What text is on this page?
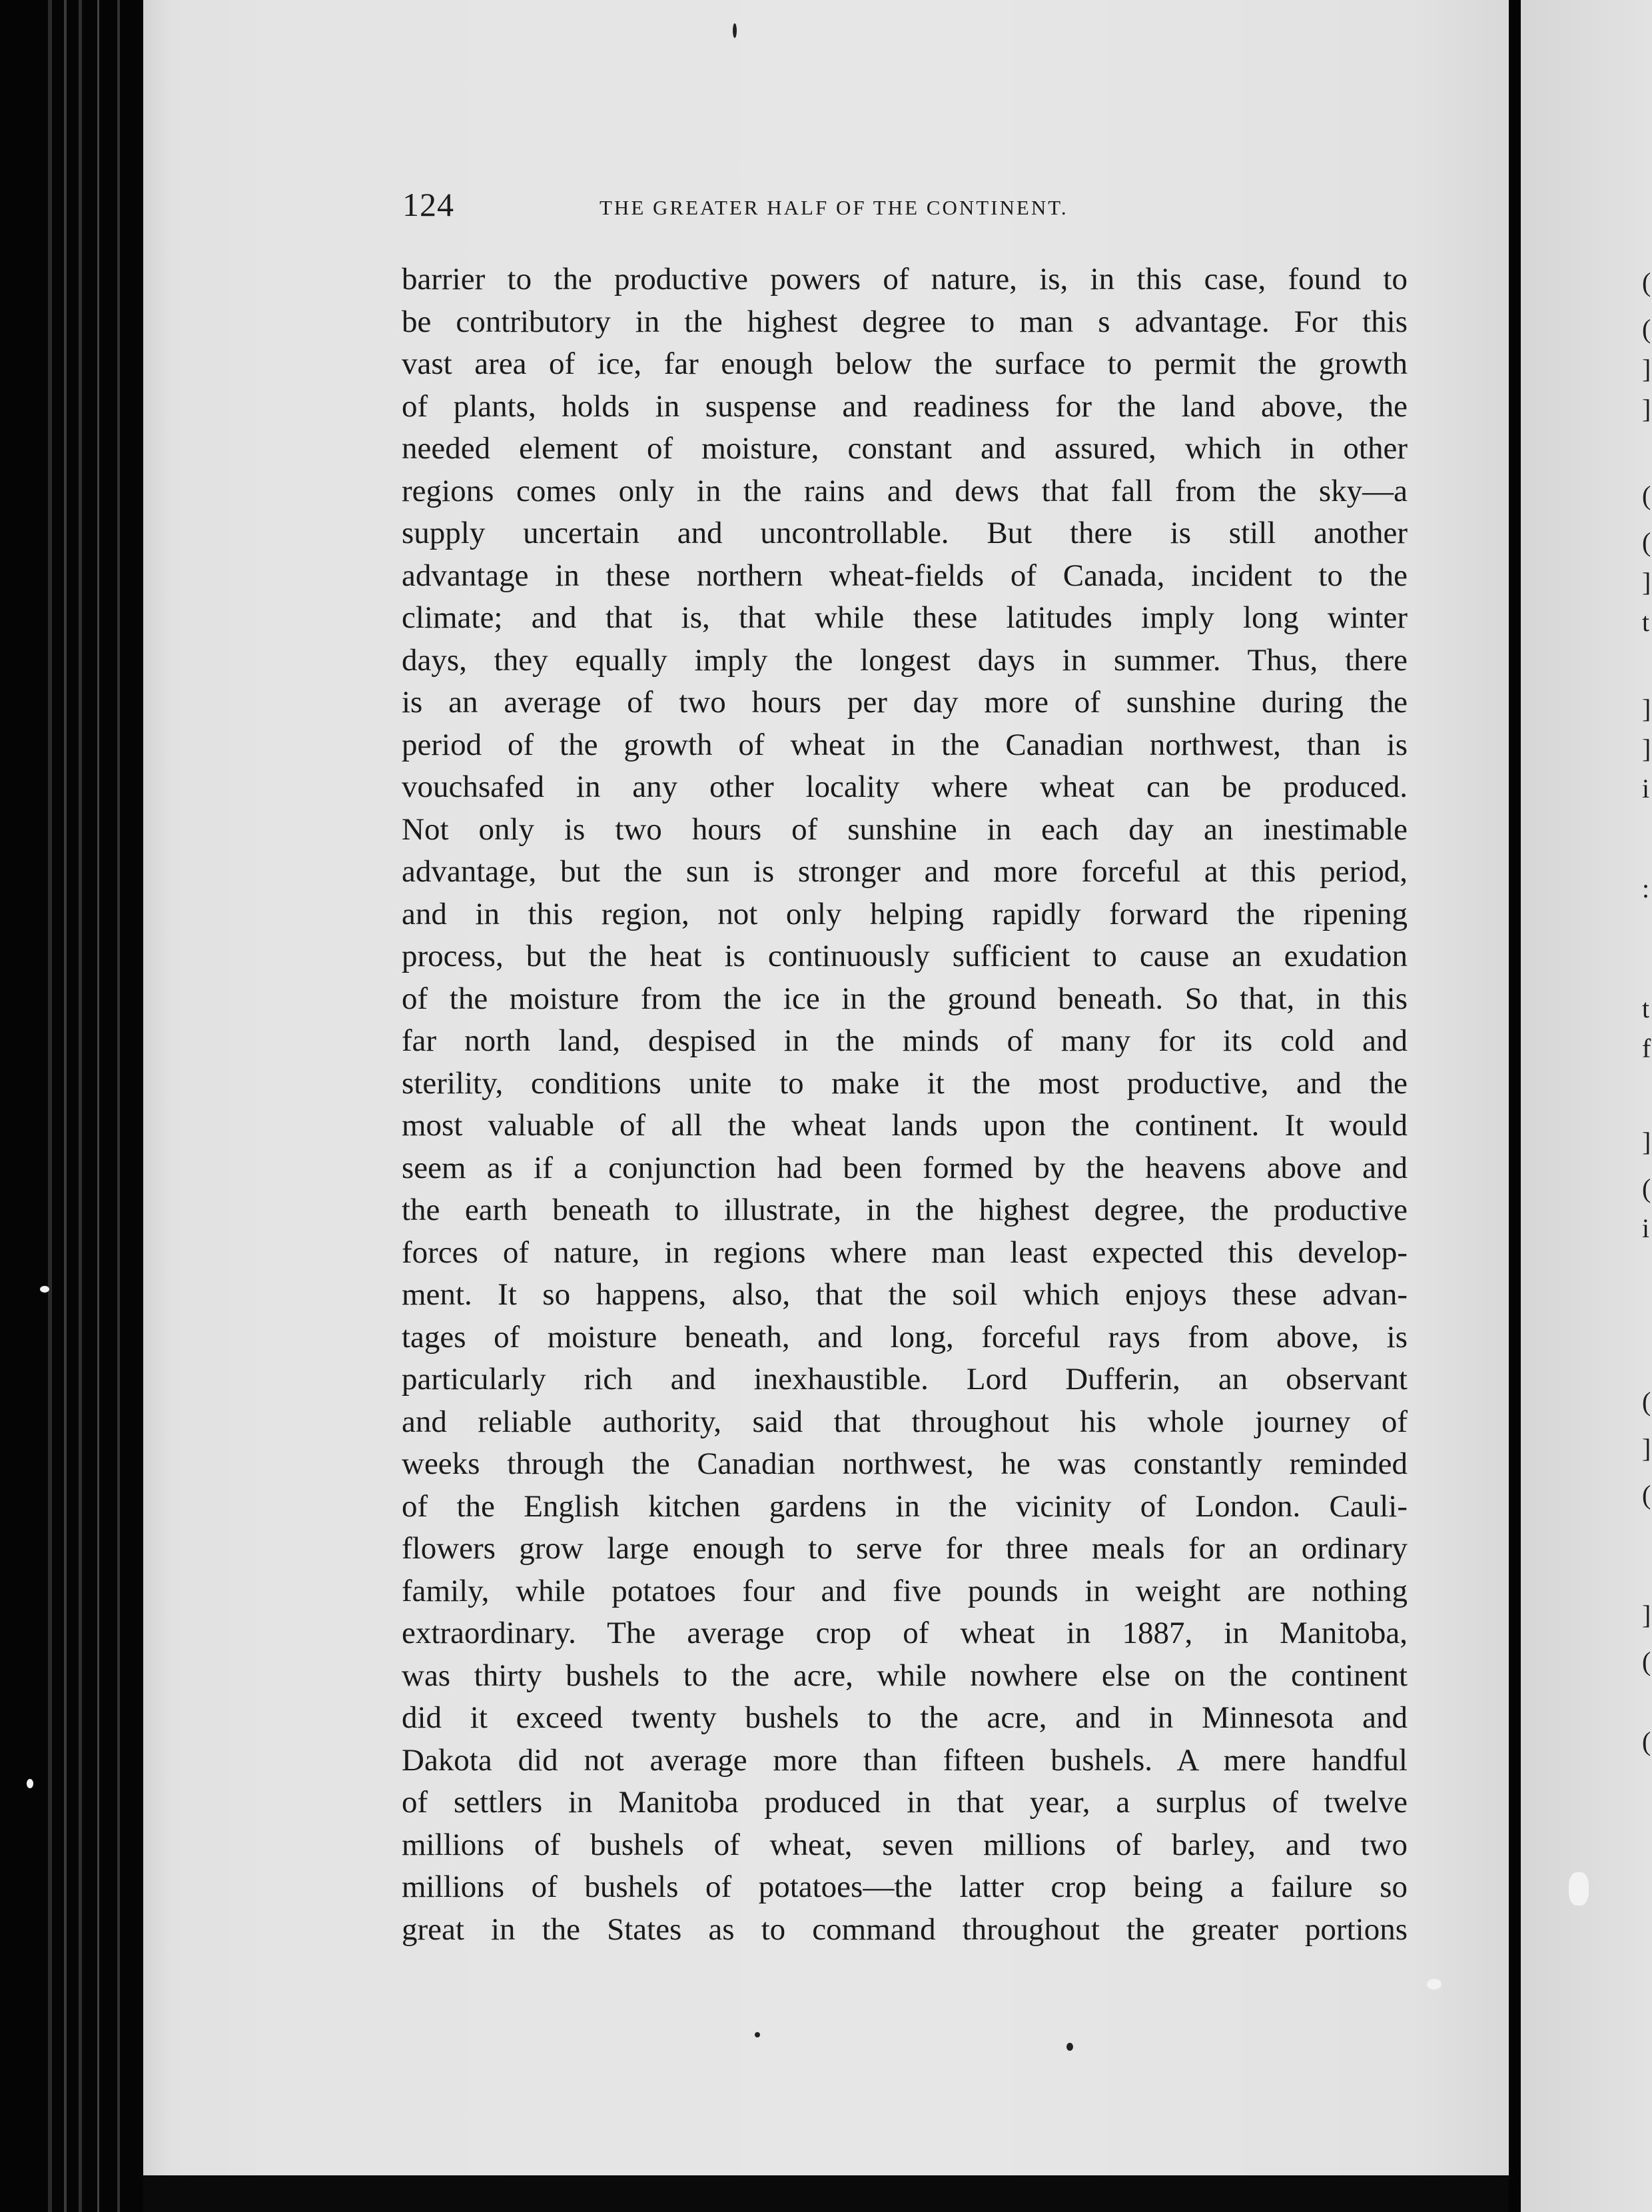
(
(
]
]
(
(
]
t
]
]
i
:
t
f
]
(
i
(
]
(
]
(
(
124	THE GREATER HALF OF THE CONTINENT.
barrier to the productive powers of nature, is, in this case, found to
be contributory in the highest degree to man s advantage. For this
vast area of ice, far enough below the surface to permit the growth
of plants, holds in suspense and readiness for the land above, the
needed element of moisture, constant and assured, which in other
regions comes only in the rains and dews that fall from the sky—a
supply uncertain and uncontrollable. But there is still another
advantage in these northern wheat-fields of Canada, incident to the
climate; and that is, that while these latitudes imply long winter
days, they equally imply the longest days in summer. Thus, there
is an average of two hours per day more of sunshine during the
period of the growth of wheat in the Canadian northwest, than is
vouchsafed in any other locality where wheat can be produced.
Not only is two hours of sunshine in each day an inestimable
advantage, but the sun is stronger and more forceful at this period,
and in this region, not only helping rapidly forward the ripening
process, but the heat is continuously sufficient to cause an exudation
of the moisture from the ice in the ground beneath. So that, in this
far north land, despised in the minds of many for its cold and
sterility, conditions unite to make it the most productive, and the
most valuable of all the wheat lands upon the continent. It would
seem as if a conjunction had been formed by the heavens above and
the earth beneath to illustrate, in the highest degree, the productive
forces of nature, in regions where man least expected this develop-
ment. It so happens, also, that the soil which enjoys these advan-
tages of moisture beneath, and long, forceful rays from above, is
particularly rich and inexhaustible. Lord Dufferin, an observant
and reliable authority, said that throughout his whole journey of
weeks through the Canadian northwest, he was constantly reminded
of the English kitchen gardens in the vicinity of London. Cauli-
flowers grow large enough to serve for three meals for an ordinary
family, while potatoes four and five pounds in weight are nothing
extraordinary. The average crop of wheat in 1887, in Manitoba,
was thirty bushels to the acre, while nowhere else on the continent
did it exceed twenty bushels to the acre, and in Minnesota and
Dakota did not average more than fifteen bushels. A mere handful
of settlers in Manitoba produced in that year, a surplus of twelve
millions of bushels of wheat, seven millions of barley, and two
millions of bushels of potatoes—the latter crop being a failure so
great in the States as to command throughout the greater portions
